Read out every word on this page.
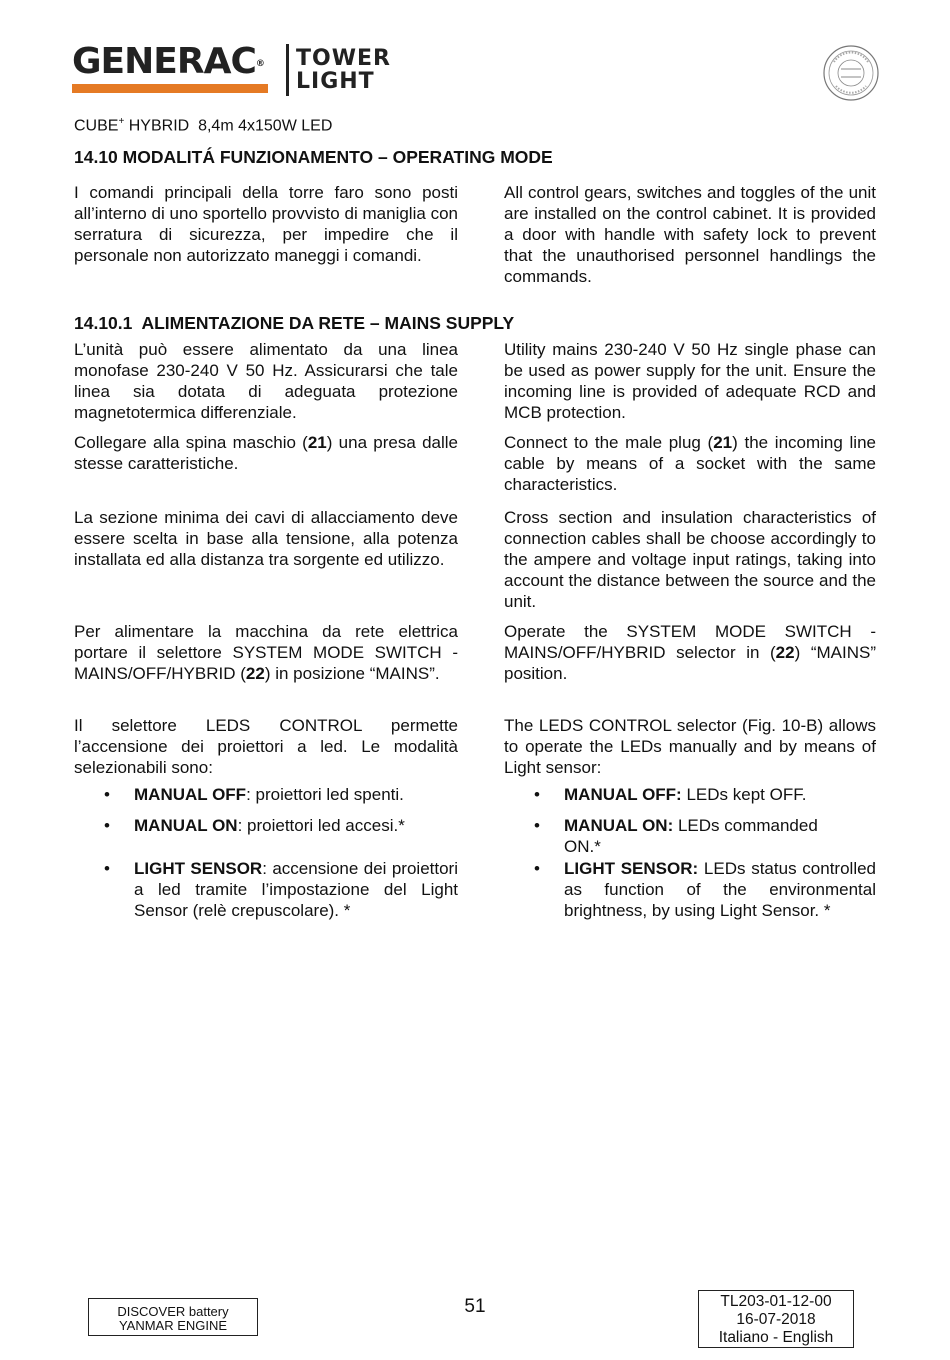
GENERAC® TOWER
LIGHT
CUBE+ HYBRID  8,4m 4x150W LED
14.10 MODALITÁ FUNZIONAMENTO – OPERATING MODE

I comandi principali della torre faro sono posti all’interno di uno sportello provvisto di maniglia con serratura di sicurezza, per impedire che il personale non autorizzato maneggi i comandi.

All control gears, switches and toggles of the unit are installed on the control cabinet. It is provided a door with handle with safety lock to prevent that the unauthorised personnel handlings the commands.

14.10.1  ALIMENTAZIONE DA RETE – MAINS SUPPLY

L’unità può essere alimentato da una linea monofase 230-240 V 50 Hz. Assicurarsi che tale linea sia dotata di adeguata protezione magnetotermica differenziale.

Utility mains 230-240 V 50 Hz single phase can be used as power supply for the unit. Ensure the incoming line is provided of adequate RCD and MCB protection.

Collegare alla spina maschio (21) una presa dalle stesse caratteristiche.

Connect to the male plug (21) the incoming line cable by means of a socket with the same characteristics.

La sezione minima dei cavi di allacciamento deve essere scelta in base alla tensione, alla potenza installata ed alla distanza tra sorgente ed utilizzo.

Cross section and insulation characteristics of connection cables shall be choose accordingly to the ampere and voltage input ratings, taking into account the distance between the source and the unit.

Per alimentare la macchina da rete elettrica portare il selettore SYSTEM MODE SWITCH - MAINS/OFF/HYBRID (22) in posizione “MAINS”.

Operate the SYSTEM MODE SWITCH - MAINS/OFF/HYBRID selector in (22) “MAINS” position.

Il selettore LEDS CONTROL permette l’accensione dei proiettori a led. Le modalità selezionabili sono:

The LEDS CONTROL selector (Fig. 10-B) allows to operate the LEDs manually and by means of Light sensor:

• MANUAL OFF: proiettori led spenti.
• MANUAL ON: proiettori led accesi.*
• LIGHT SENSOR: accensione dei proiettori a led tramite l’impostazione del Light Sensor (relè crepuscolare). *
• MANUAL OFF: LEDs kept OFF.
• MANUAL ON: LEDs commanded ON.*
• LIGHT SENSOR: LEDs status controlled as function of the environmental brightness, by using Light Sensor. *
DISCOVER battery
YANMAR ENGINE
51	TL203-01-12-00
16-07-2018
Italiano - English
